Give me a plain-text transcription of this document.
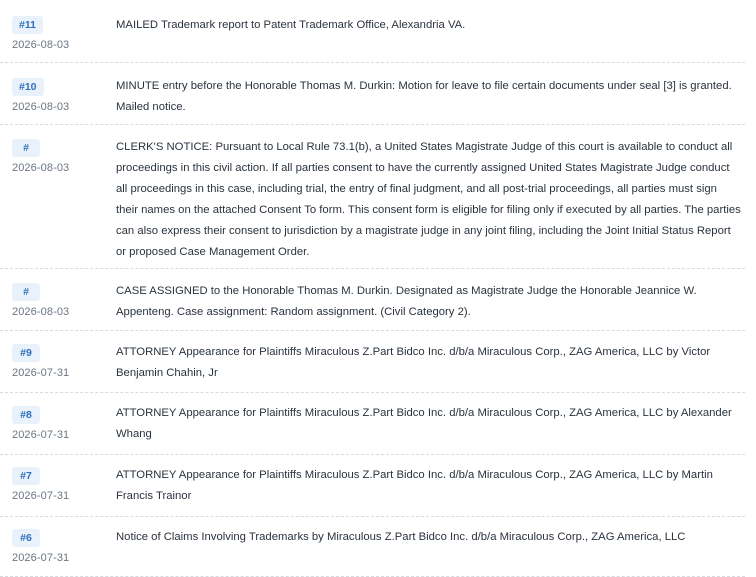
#11
2026-08-03
MAILED Trademark report to Patent Trademark Office, Alexandria VA.
#10
2026-08-03
MINUTE entry before the Honorable Thomas M. Durkin: Motion for leave to file certain documents under seal [3] is granted. Mailed notice.
#
2026-08-03
CLERK'S NOTICE: Pursuant to Local Rule 73.1(b), a United States Magistrate Judge of this court is available to conduct all proceedings in this civil action. If all parties consent to have the currently assigned United States Magistrate Judge conduct all proceedings in this case, including trial, the entry of final judgment, and all post-trial proceedings, all parties must sign their names on the attached Consent To form. This consent form is eligible for filing only if executed by all parties. The parties can also express their consent to jurisdiction by a magistrate judge in any joint filing, including the Joint Initial Status Report or proposed Case Management Order.
#
2026-08-03
CASE ASSIGNED to the Honorable Thomas M. Durkin. Designated as Magistrate Judge the Honorable Jeannice W. Appenteng. Case assignment: Random assignment. (Civil Category 2).
#9
2026-07-31
ATTORNEY Appearance for Plaintiffs Miraculous Z.Part Bidco Inc. d/b/a Miraculous Corp., ZAG America, LLC by Victor Benjamin Chahin, Jr
#8
2026-07-31
ATTORNEY Appearance for Plaintiffs Miraculous Z.Part Bidco Inc. d/b/a Miraculous Corp., ZAG America, LLC by Alexander Whang
#7
2026-07-31
ATTORNEY Appearance for Plaintiffs Miraculous Z.Part Bidco Inc. d/b/a Miraculous Corp., ZAG America, LLC by Martin Francis Trainor
#6
2026-07-31
Notice of Claims Involving Trademarks by Miraculous Z.Part Bidco Inc. d/b/a Miraculous Corp., ZAG America, LLC
